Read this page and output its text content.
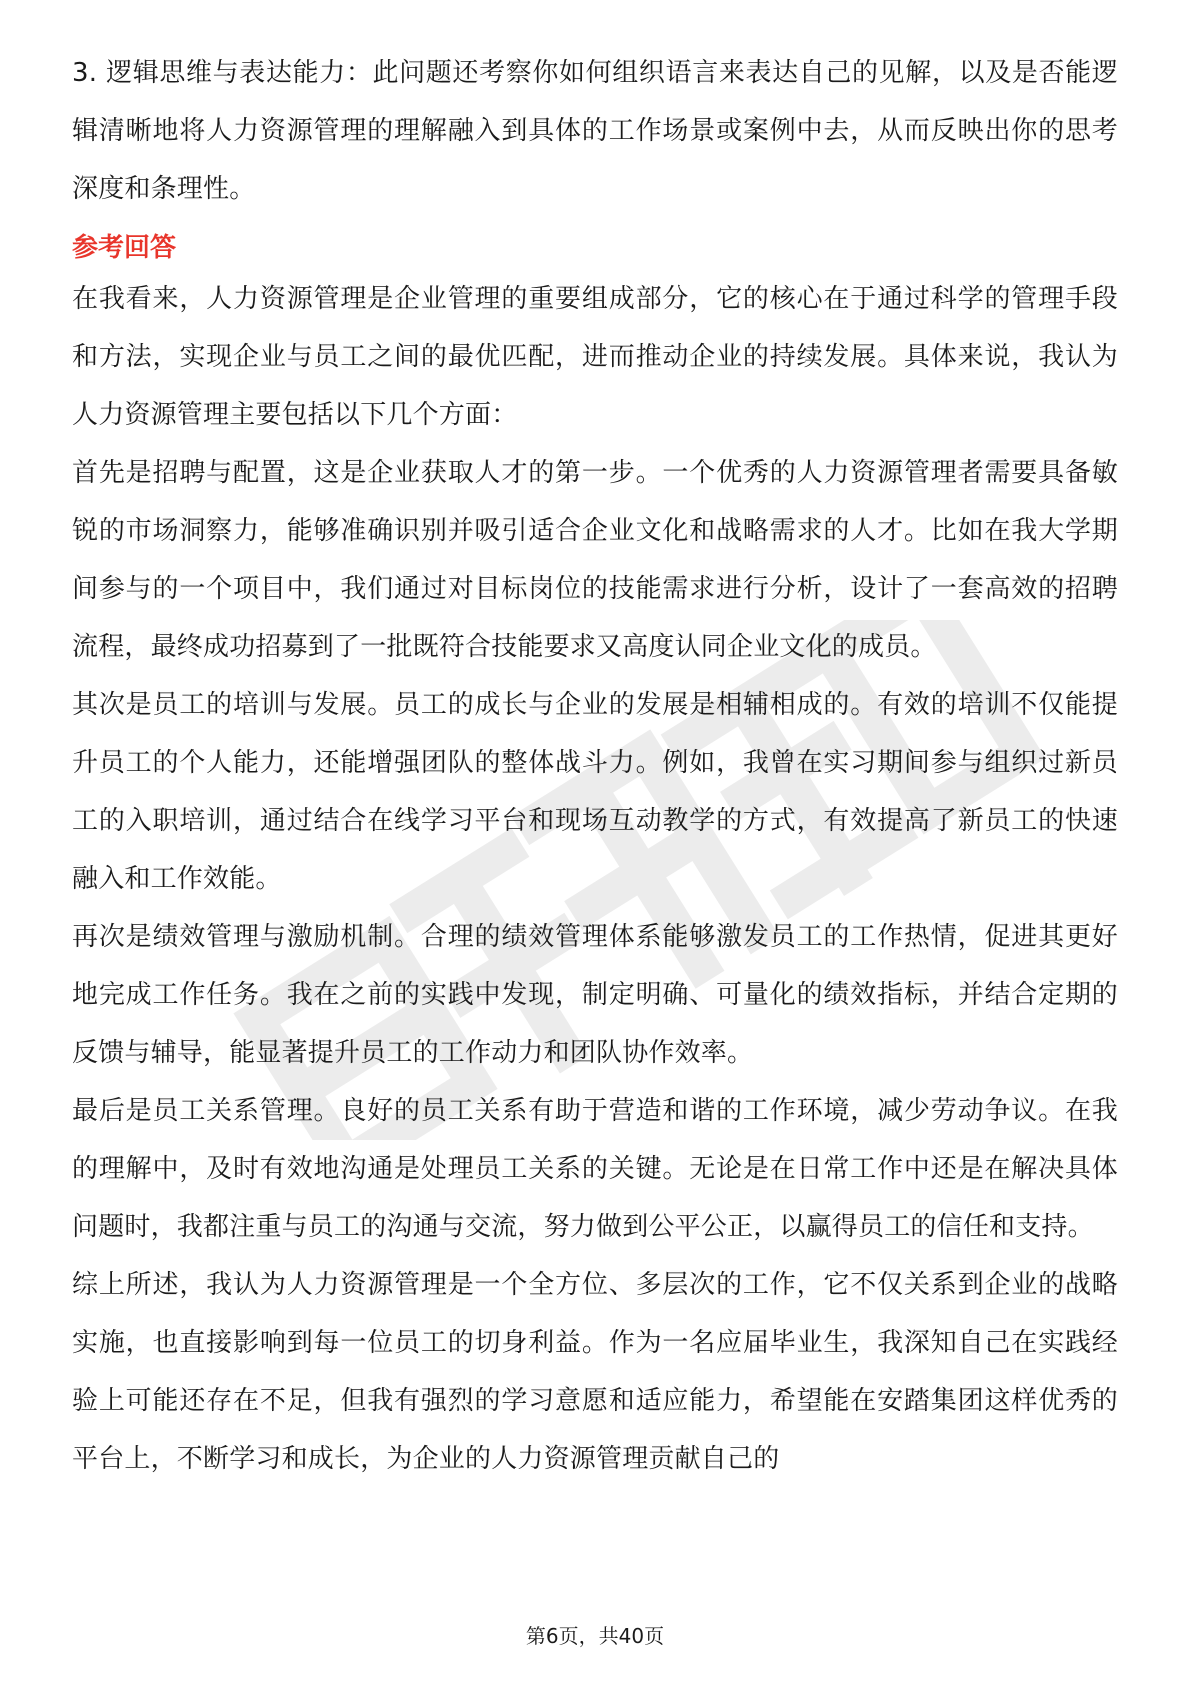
3. 逻辑思维与表达能力：此问题还考察你如何组织语言来表达自己的见解，以及是否能逻辑清晰地将人力资源管理的理解融入到具体的工作场景或案例中去，从而反映出你的思考深度和条理性。

参考回答

在我看来，人力资源管理是企业管理的重要组成部分，它的核心在于通过科学的管理手段和方法，实现企业与员工之间的最优匹配，进而推动企业的持续发展。具体来说，我认为人力资源管理主要包括以下几个方面：

首先是招聘与配置，这是企业获取人才的第一步。一个优秀的人力资源管理者需要具备敏锐的市场洞察力，能够准确识别并吸引适合企业文化和战略需求的人才。比如在我大学期间参与的一个项目中，我们通过对目标岗位的技能需求进行分析，设计了一套高效的招聘流程，最终成功招募到了一批既符合技能要求又高度认同企业文化的成员。

其次是员工的培训与发展。员工的成长与企业的发展是相辅相成的。有效的培训不仅能提升员工的个人能力，还能增强团队的整体战斗力。例如，我曾在实习期间参与组织过新员工的入职培训，通过结合在线学习平台和现场互动教学的方式，有效提高了新员工的快速融入和工作效能。

再次是绩效管理与激励机制。合理的绩效管理体系能够激发员工的工作热情，促进其更好地完成工作任务。我在之前的实践中发现，制定明确、可量化的绩效指标，并结合定期的反馈与辅导，能显著提升员工的工作动力和团队协作效率。

最后是员工关系管理。良好的员工关系有助于营造和谐的工作环境，减少劳动争议。在我的理解中，及时有效地沟通是处理员工关系的关键。无论是在日常工作中还是在解决具体问题时，我都注重与员工的沟通与交流，努力做到公平公正，以赢得员工的信任和支持。

综上所述，我认为人力资源管理是一个全方位、多层次的工作，它不仅关系到企业的战略实施，也直接影响到每一位员工的切身利益。作为一名应届毕业生，我深知自己在实践经验上可能还存在不足，但我有强烈的学习意愿和适应能力，希望能在安踏集团这样优秀的平台上，不断学习和成长，为企业的人力资源管理贡献自己的

第6页，共40页
